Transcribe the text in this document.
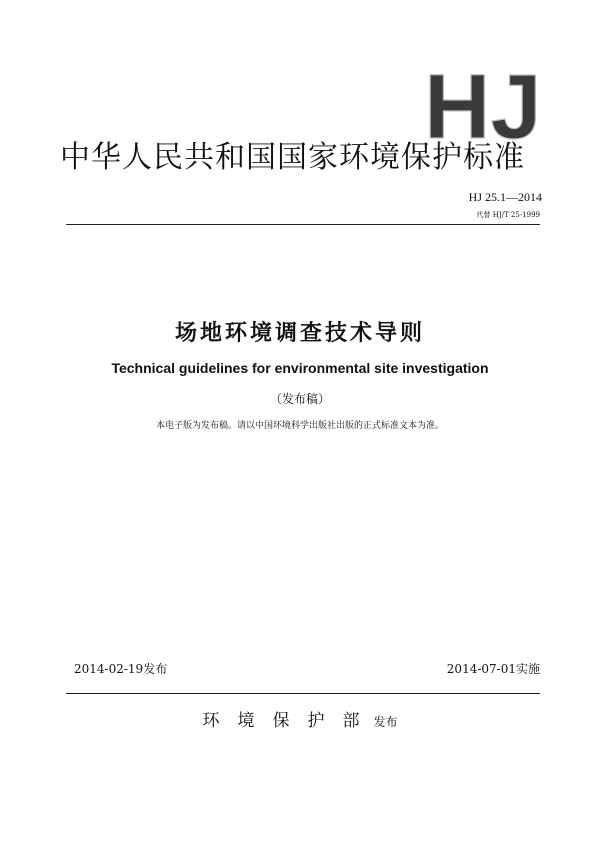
HJ
中华人民共和国国家环境保护标准
HJ 25.1—2014
代替 HJ/T 25-1999
场地环境调查技术导则
Technical guidelines for environmental site investigation
（发布稿）
本电子版为发布稿。请以中国环境科学出版社出版的正式标准文本为准。
2014-02-19发布	2014-07-01实施
环境保护部发布
